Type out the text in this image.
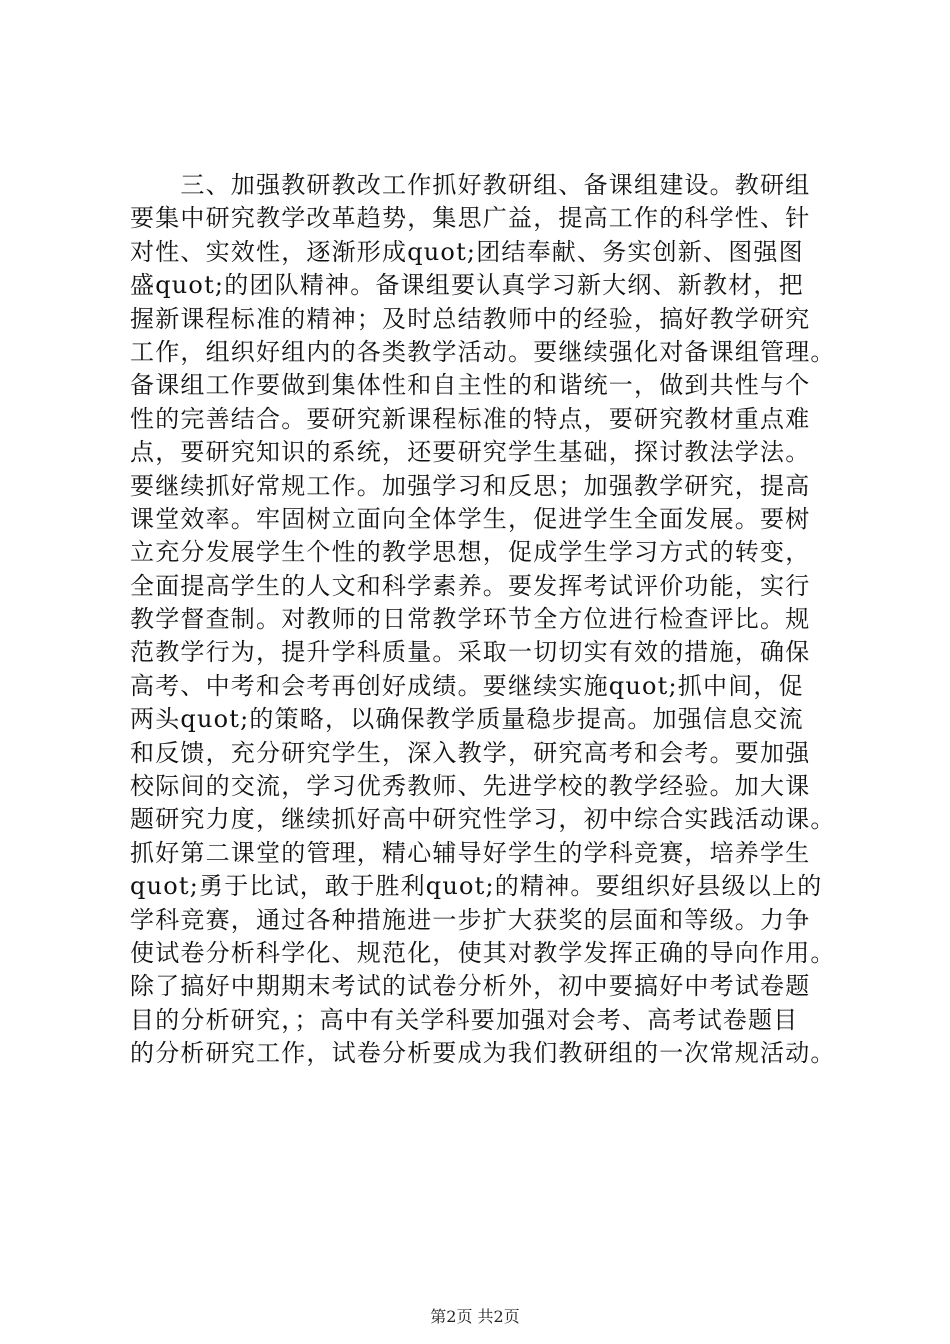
　　三、加强教研教改工作抓好教研组、备课组建设。教研组
要集中研究教学改革趋势，集思广益，提高工作的科学性、针
对性、实效性，逐渐形成quot;团结奉献、务实创新、图强图
盛quot;的团队精神。备课组要认真学习新大纲、新教材，把
握新课程标准的精神；及时总结教师中的经验，搞好教学研究
工作，组织好组内的各类教学活动。要继续强化对备课组管理。
备课组工作要做到集体性和自主性的和谐统一，做到共性与个
性的完善结合。要研究新课程标准的特点，要研究教材重点难
点，要研究知识的系统，还要研究学生基础，探讨教法学法。
要继续抓好常规工作。加强学习和反思；加强教学研究，提高
课堂效率。牢固树立面向全体学生，促进学生全面发展。要树
立充分发展学生个性的教学思想，促成学生学习方式的转变，
全面提高学生的人文和科学素养。要发挥考试评价功能，实行
教学督查制。对教师的日常教学环节全方位进行检查评比。规
范教学行为，提升学科质量。采取一切切实有效的措施，确保
高考、中考和会考再创好成绩。要继续实施quot;抓中间，促
两头quot;的策略，以确保教学质量稳步提高。加强信息交流
和反馈，充分研究学生，深入教学，研究高考和会考。要加强
校际间的交流，学习优秀教师、先进学校的教学经验。加大课
题研究力度，继续抓好高中研究性学习，初中综合实践活动课。
抓好第二课堂的管理，精心辅导好学生的学科竞赛，培养学生
quot;勇于比试，敢于胜利quot;的精神。要组织好县级以上的
学科竞赛，通过各种措施进一步扩大获奖的层面和等级。力争
使试卷分析科学化、规范化，使其对教学发挥正确的导向作用。
除了搞好中期期末考试的试卷分析外，初中要搞好中考试卷题
目的分析研究，；高中有关学科要加强对会考、高考试卷题目
的分析研究工作，试卷分析要成为我们教研组的一次常规活动。
第2页 共2页
